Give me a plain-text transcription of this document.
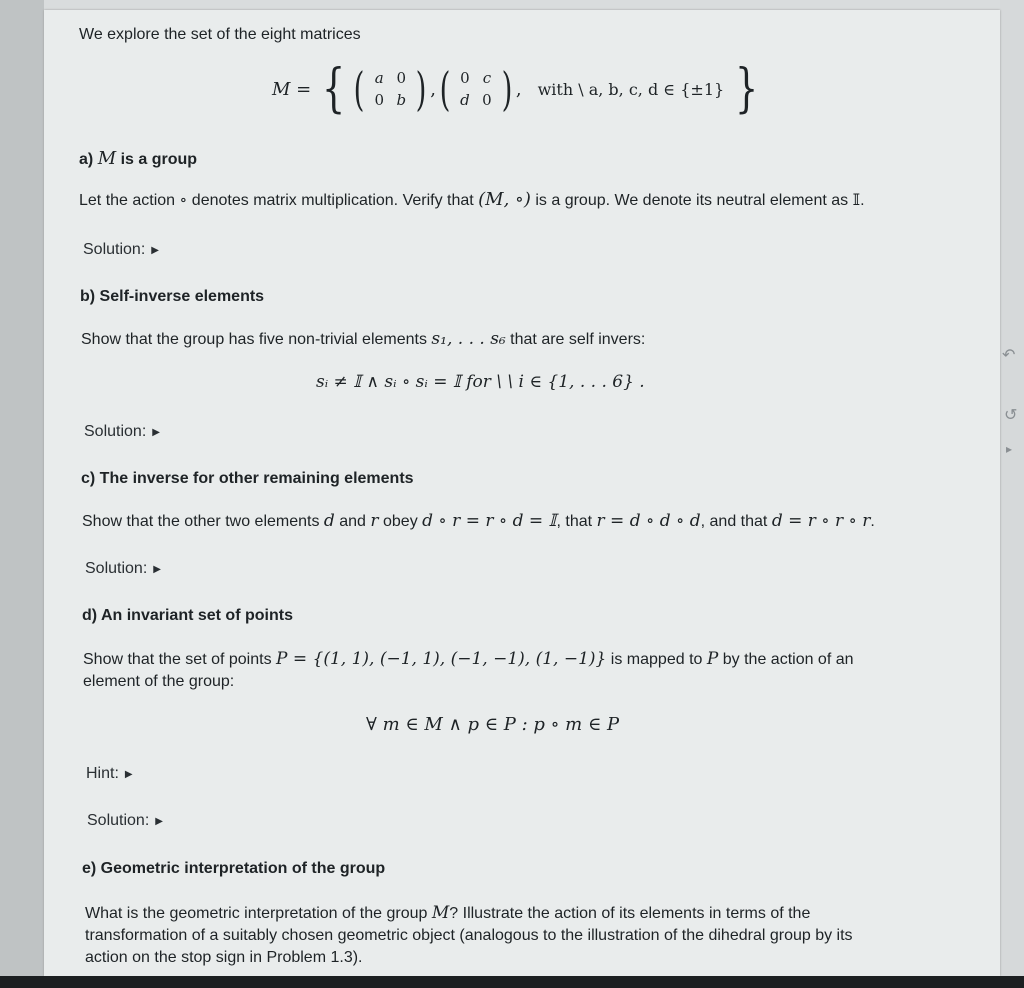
↶
↺
▸
We explore the set of the eight matrices
M = { ( a 0
0 b ) , ( 0 c
d 0 ) , with \ a, b, c, d ∈ {±1} }
a) M is a group
Let the action ∘ denotes matrix multiplication. Verify that (M, ∘) is a group. We denote its neutral element as 𝕀.
Solution: ▶
b) Self-inverse elements
Show that the group has five non-trivial elements s₁, . . . s₆ that are self invers:
sᵢ ≠ 𝕀 ∧ sᵢ ∘ sᵢ = 𝕀 for \ \ i ∈ {1, . . . 6} .
Solution: ▶
c) The inverse for other remaining elements
Show that the other two elements d and r obey d ∘ r = r ∘ d = 𝕀, that r = d ∘ d ∘ d, and that d = r ∘ r ∘ r.
Solution: ▶
d) An invariant set of points
Show that the set of points P = {(1, 1), (−1, 1), (−1, −1), (1, −1)} is mapped to P by the action of an
element of the group:
∀ m ∈ M ∧ p ∈ P : p ∘ m ∈ P
Hint: ▶
Solution: ▶
e) Geometric interpretation of the group
What is the geometric interpretation of the group M? Illustrate the action of its elements in terms of the
transformation of a suitably chosen geometric object (analogous to the illustration of the dihedral group by its
action on the stop sign in Problem 1.3).
